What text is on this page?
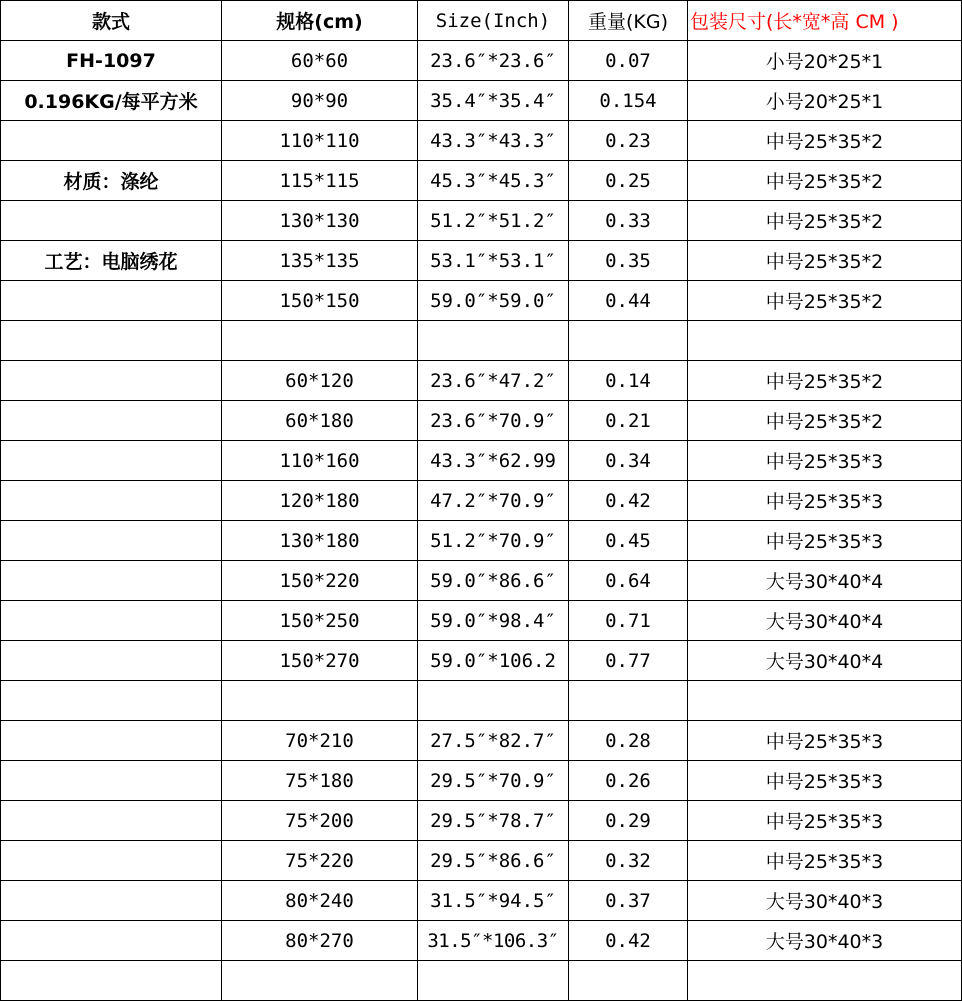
款式	规格(cm)	Size(Inch)	重量(KG)	包装尺寸(长*宽*高 CM )
FH-1097	60*60	23.6″*23.6″	0.07	小号20*25*1
0.196KG/每平方米	90*90	35.4″*35.4″	0.154	小号20*25*1
	110*110	43.3″*43.3″	0.23	中号25*35*2
材质：涤纶	115*115	45.3″*45.3″	0.25	中号25*35*2
	130*130	51.2″*51.2″	0.33	中号25*35*2
工艺：电脑绣花	135*135	53.1″*53.1″	0.35	中号25*35*2
	150*150	59.0″*59.0″	0.44	中号25*35*2

	60*120	23.6″*47.2″	0.14	中号25*35*2
	60*180	23.6″*70.9″	0.21	中号25*35*2
	110*160	43.3″*62.99	0.34	中号25*35*3
	120*180	47.2″*70.9″	0.42	中号25*35*3
	130*180	51.2″*70.9″	0.45	中号25*35*3
	150*220	59.0″*86.6″	0.64	大号30*40*4
	150*250	59.0″*98.4″	0.71	大号30*40*4
	150*270	59.0″*106.2	0.77	大号30*40*4

	70*210	27.5″*82.7″	0.28	中号25*35*3
	75*180	29.5″*70.9″	0.26	中号25*35*3
	75*200	29.5″*78.7″	0.29	中号25*35*3
	75*220	29.5″*86.6″	0.32	中号25*35*3
	80*240	31.5″*94.5″	0.37	大号30*40*3
	80*270	31.5″*106.3″	0.42	大号30*40*3
